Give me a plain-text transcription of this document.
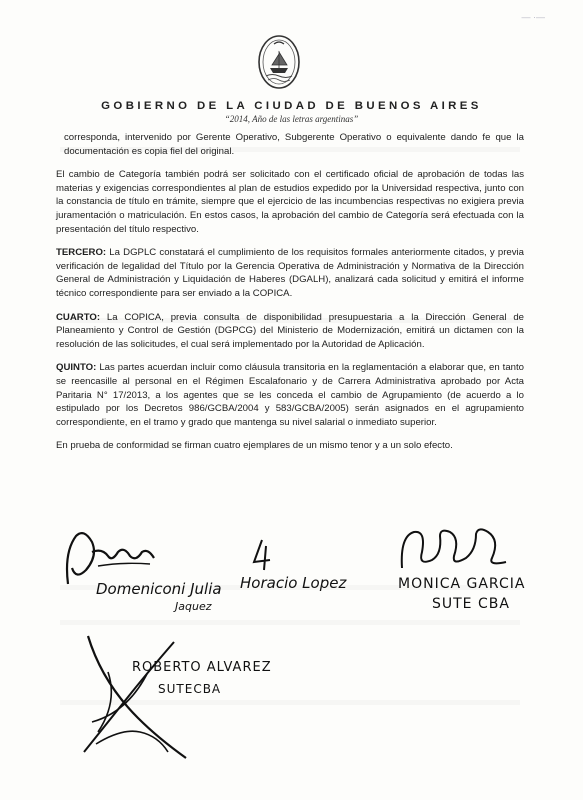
— ·—
GOBIERNO DE LA CIUDAD DE BUENOS AIRES
“2014, Año de las letras argentinas”

corresponda, intervenido por Gerente Operativo, Subgerente Operativo o equivalente dando fe que la documentación es copia fiel del original.

El cambio de Categoría también podrá ser solicitado con el certificado oficial de aprobación de todas las materias y exigencias correspondientes al plan de estudios expedido por la Universidad respectiva, junto con la constancia de título en trámite, siempre que el ejercicio de las incumbencias respectivas no exigiera previa juramentación o matriculación. En estos casos, la aprobación del cambio de Categoría será efectuada con la presentación del título respectivo.

TERCERO: La DGPLC constatará el cumplimiento de los requisitos formales anteriormente citados, y previa verificación de legalidad del Título por la Gerencia Operativa de Administración y Normativa de la Dirección General de Administración y Liquidación de Haberes (DGALH), analizará cada solicitud y emitirá el informe técnico correspondiente para ser enviado a la COPICA.

CUARTO: La COPICA, previa consulta de disponibilidad presupuestaria a la Dirección General de Planeamiento y Control de Gestión (DGPCG) del Ministerio de Modernización, emitirá un dictamen con la resolución de las solicitudes, el cual será implementado por la Autoridad de Aplicación.

QUINTO: Las partes acuerdan incluir como cláusula transitoria en la reglamentación a elaborar que, en tanto se reencasille al personal en el Régimen Escalafonario y de Carrera Administrativa aprobado por Acta Paritaria N° 17/2013, a los agentes que se les conceda el cambio de Agrupamiento (de acuerdo a lo estipulado por los Decretos 986/GCBA/2004 y 583/GCBA/2005) serán asignados en el agrupamiento correspondiente, en el tramo y grado que mantenga su nivel salarial o inmediato superior.

En prueba de conformidad se firman cuatro ejemplares de un mismo tenor y a un solo efecto.

Domeniconi Julia
Jaquez
Horacio Lopez	MONICA GARCIA
SUTE CBA
ROBERTO ALVAREZ
SUTECBA
